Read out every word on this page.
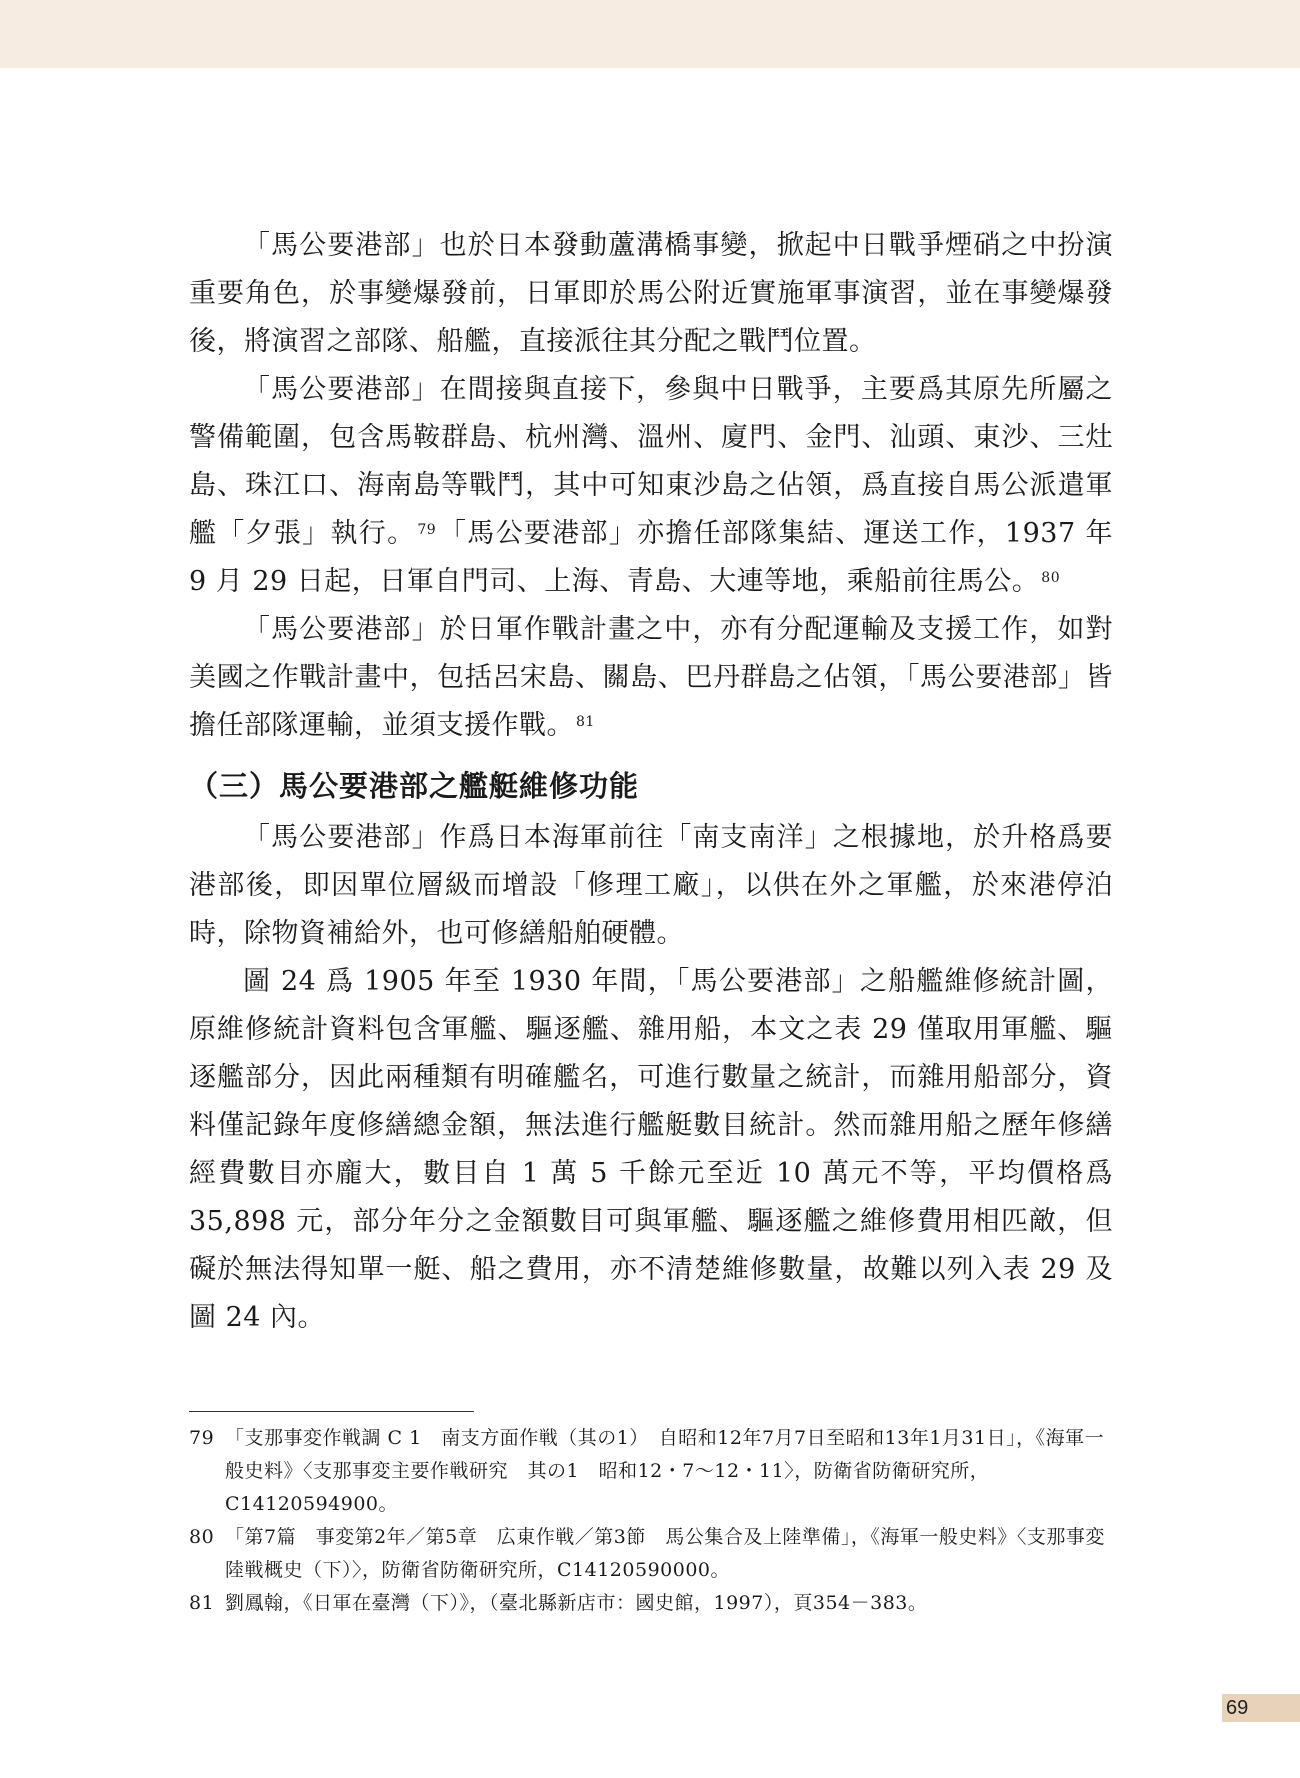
「馬公要港部」也於日本發動蘆溝橋事變，掀起中日戰爭煙硝之中扮演重要角色，於事變爆發前，日軍即於馬公附近實施軍事演習，並在事變爆發後，將演習之部隊、船艦，直接派往其分配之戰鬥位置。

「馬公要港部」在間接與直接下，參與中日戰爭，主要爲其原先所屬之警備範圍，包含馬鞍群島、杭州灣、溫州、廈門、金門、汕頭、東沙、三灶島、珠江口、海南島等戰鬥，其中可知東沙島之佔領，爲直接自馬公派遣軍艦「夕張」執行。 $^{79}$「馬公要港部」亦擔任部隊集結、運送工作，1937 年 9 月 29 日起，日軍自門司、上海、青島、大連等地，乘船前往馬公。 $^{80}$

「馬公要港部」於日軍作戰計畫之中，亦有分配運輸及支援工作，如對美國之作戰計畫中，包括呂宋島、關島、巴丹群島之佔領，「馬公要港部」皆擔任部隊運輸，並須支援作戰。 $^{81}$

（三）馬公要港部之艦艇維修功能

「馬公要港部」作爲日本海軍前往「南支南洋」之根據地，於升格爲要港部後，即因單位層級而增設「修理工廠」，以供在外之軍艦，於來港停泊時，除物資補給外，也可修繕船舶硬體。

圖 24 爲 1905 年至 1930 年間，「馬公要港部」之船艦維修統計圖，原維修統計資料包含軍艦、驅逐艦、雜用船，本文之表 29 僅取用軍艦、驅逐艦部分，因此兩種類有明確艦名，可進行數量之統計，而雜用船部分，資料僅記錄年度修繕總金額，無法進行艦艇數目統計。然而雜用船之歷年修繕經費數目亦龐大，數目自 1 萬 5 千餘元至近 10 萬元不等，平均價格爲 35,898 元，部分年分之金額數目可與軍艦、驅逐艦之維修費用相匹敵，但礙於無法得知單一艇、船之費用，亦不清楚維修數量，故難以列入表 29 及圖 24 內。

79 「支那事変作戦調 C 1　南支方面作戦（其の1）　自昭和12年7月7日至昭和13年1月31日」，《海軍一般史料》〈支那事変主要作戦研究　其の1　昭和12・7～12・11〉，防衛省防衛研究所，C14120594900。
80 「第7篇　事変第2年／第5章　広東作戦／第3節　馬公集合及上陸準備」，《海軍一般史料》〈支那事変陸戦概史（下）〉，防衛省防衛研究所，C14120590000。
81 劉鳳翰，《日軍在臺灣（下）》，（臺北縣新店市：國史館，1997），頁354－383。
69
